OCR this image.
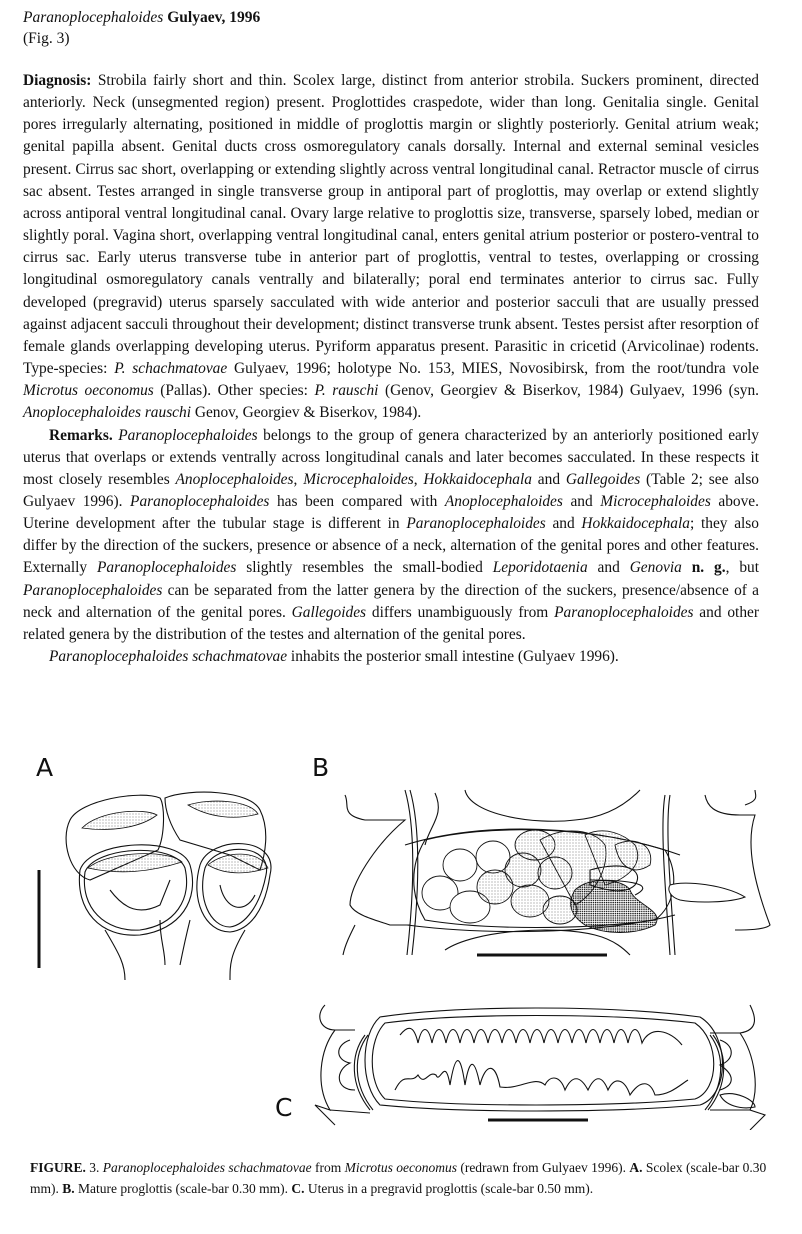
Paranoplocephaloides Gulyaev, 1996
(Fig. 3)

Diagnosis: Strobila fairly short and thin. Scolex large, distinct from anterior strobila. Suckers prominent, directed anteriorly. Neck (unsegmented region) present. Proglottides craspedote, wider than long. Genitalia single. Genital pores irregularly alternating, positioned in middle of proglottis margin or slightly posteriorly. Genital atrium weak; genital papilla absent. Genital ducts cross osmoregulatory canals dorsally. Internal and external seminal vesicles present. Cirrus sac short, overlapping or extending slightly across ventral longitudinal canal. Retractor muscle of cirrus sac absent. Testes arranged in single transverse group in antiporal part of proglottis, may overlap or extend slightly across antiporal ventral longitudinal canal. Ovary large relative to proglottis size, transverse, sparsely lobed, median or slightly poral. Vagina short, overlapping ventral longitudinal canal, enters genital atrium posterior or postero-ventral to cirrus sac. Early uterus transverse tube in anterior part of proglottis, ventral to testes, overlapping or crossing longitudinal osmoregulatory canals ventrally and bilaterally; poral end terminates anterior to cirrus sac. Fully developed (pregravid) uterus sparsely sacculated with wide anterior and posterior sacculi that are usually pressed against adjacent sacculi throughout their development; distinct transverse trunk absent. Testes persist after resorption of female glands overlapping developing uterus. Pyriform apparatus present. Parasitic in cricetid (Arvicolinae) rodents. Type-species: P. schachmatovae Gulyaev, 1996; holotype No. 153, MIES, Novosibirsk, from the root/tundra vole Microtus oeconomus (Pallas). Other species: P. rauschi (Genov, Georgiev & Biserkov, 1984) Gulyaev, 1996 (syn. Anoplocephaloides rauschi Genov, Georgiev & Biserkov, 1984).

Remarks. Paranoplocephaloides belongs to the group of genera characterized by an anteriorly positioned early uterus that overlaps or extends ventrally across longitudinal canals and later becomes sacculated. In these respects it most closely resembles Anoplocephaloides, Microcephaloides, Hokkaidocephala and Gallegoides (Table 2; see also Gulyaev 1996). Paranoplocephaloides has been compared with Anoplocephaloides and Microcephaloides above. Uterine development after the tubular stage is different in Paranoplocephaloides and Hokkaidocephala; they also differ by the direction of the suckers, presence or absence of a neck, alternation of the genital pores and other features. Externally Paranoplocephaloides slightly resembles the small-bodied Leporidotaenia and Genovia n. g., but Paranoplocephaloides can be separated from the latter genera by the direction of the suckers, presence/absence of a neck and alternation of the genital pores. Gallegoides differs unambiguously from Paranoplocephaloides and other related genera by the distribution of the testes and alternation of the genital pores.

Paranoplocephaloides schachmatovae inhabits the posterior small intestine (Gulyaev 1996).

A	B
C
FIGURE. 3. Paranoplocephaloides schachmatovae from Microtus oeconomus (redrawn from Gulyaev 1996). A. Scolex (scale-bar 0.30 mm). B. Mature proglottis (scale-bar 0.30 mm). C. Uterus in a pregravid proglottis (scale-bar 0.50 mm).
